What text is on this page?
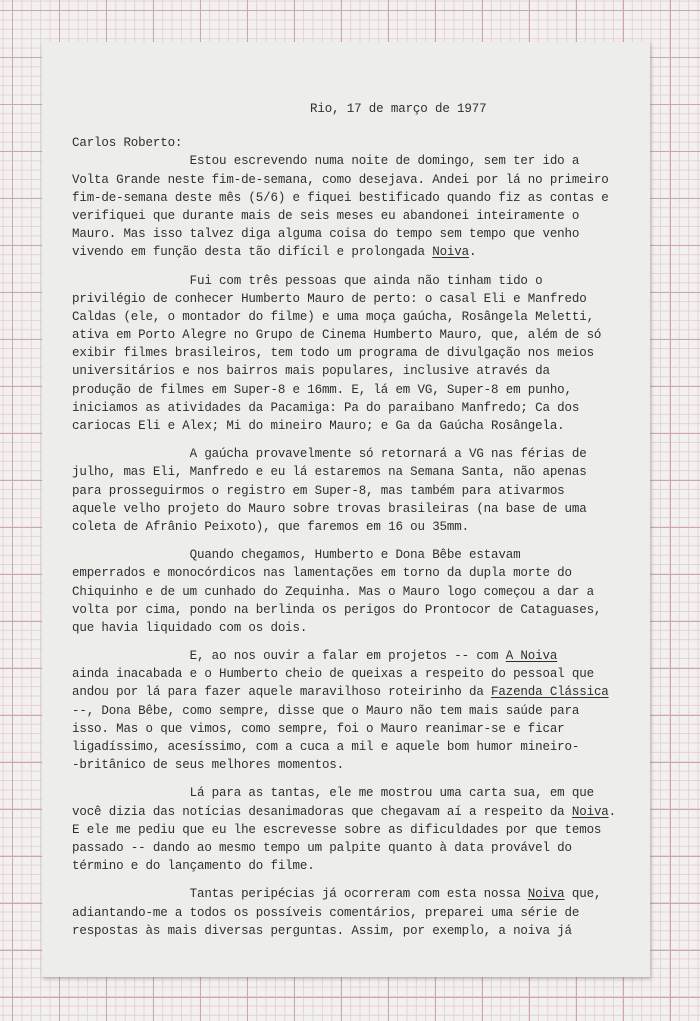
Rio, 17 de março de 1977
Carlos Roberto:
Estou escrevendo numa noite de domingo, sem ter ido a
Volta Grande neste fim-de-semana, como desejava. Andei por lá no primeiro
fim-de-semana deste mês (5/6) e fiquei bestificado quando fiz as contas e
verifiquei que durante mais de seis meses eu abandonei inteiramente o
Mauro. Mas isso talvez diga alguma coisa do tempo sem tempo que venho
vivendo em função desta tão difícil e prolongada Noiva.
Fui com três pessoas que ainda não tinham tido o
privilégio de conhecer Humberto Mauro de perto: o casal Eli e Manfredo
Caldas (ele, o montador do filme) e uma moça gaúcha, Rosângela Meletti,
ativa em Porto Alegre no Grupo de Cinema Humberto Mauro, que, além de só
exibir filmes brasileiros, tem todo um programa de divulgação nos meios
universitários e nos bairros mais populares, inclusive através da
produção de filmes em Super-8 e 16mm. E, lá em VG, Super-8 em punho,
iniciamos as atividades da Pacamiga: Pa do paraibano Manfredo; Ca dos
cariocas Eli e Alex; Mi do mineiro Mauro; e Ga da Gaúcha Rosângela.
A gaúcha provavelmente só retornará a VG nas férias de
julho, mas Eli, Manfredo e eu lá estaremos na Semana Santa, não apenas
para prosseguirmos o registro em Super-8, mas também para ativarmos
aquele velho projeto do Mauro sobre trovas brasileiras (na base de uma
coleta de Afrânio Peixoto), que faremos em 16 ou 35mm.
Quando chegamos, Humberto e Dona Bêbe estavam
emperrados e monocórdicos nas lamentações em torno da dupla morte do
Chiquinho e de um cunhado do Zequinha. Mas o Mauro logo começou a dar a
volta por cima, pondo na berlinda os perigos do Prontocor de Cataguases,
que havia liquidado com os dois.
E, ao nos ouvir a falar em projetos -- com A Noiva
ainda inacabada e o Humberto cheio de queixas a respeito do pessoal que
andou por lá para fazer aquele maravilhoso roteirinho da Fazenda Clássica
--, Dona Bêbe, como sempre, disse que o Mauro não tem mais saúde para
isso. Mas o que vimos, como sempre, foi o Mauro reanimar-se e ficar
ligadíssimo, acesíssimo, com a cuca a mil e aquele bom humor mineiro-
-britânico de seus melhores momentos.
Lá para as tantas, ele me mostrou uma carta sua, em que
você dizia das notícias desanimadoras que chegavam aí a respeito da Noiva.
E ele me pediu que eu lhe escrevesse sobre as dificuldades por que temos
passado -- dando ao mesmo tempo um palpite quanto à data provável do
término e do lançamento do filme.
Tantas peripécias já ocorreram com esta nossa Noiva que,
adiantando-me a todos os possíveis comentários, preparei uma série de
respostas às mais diversas perguntas. Assim, por exemplo, a noiva já
